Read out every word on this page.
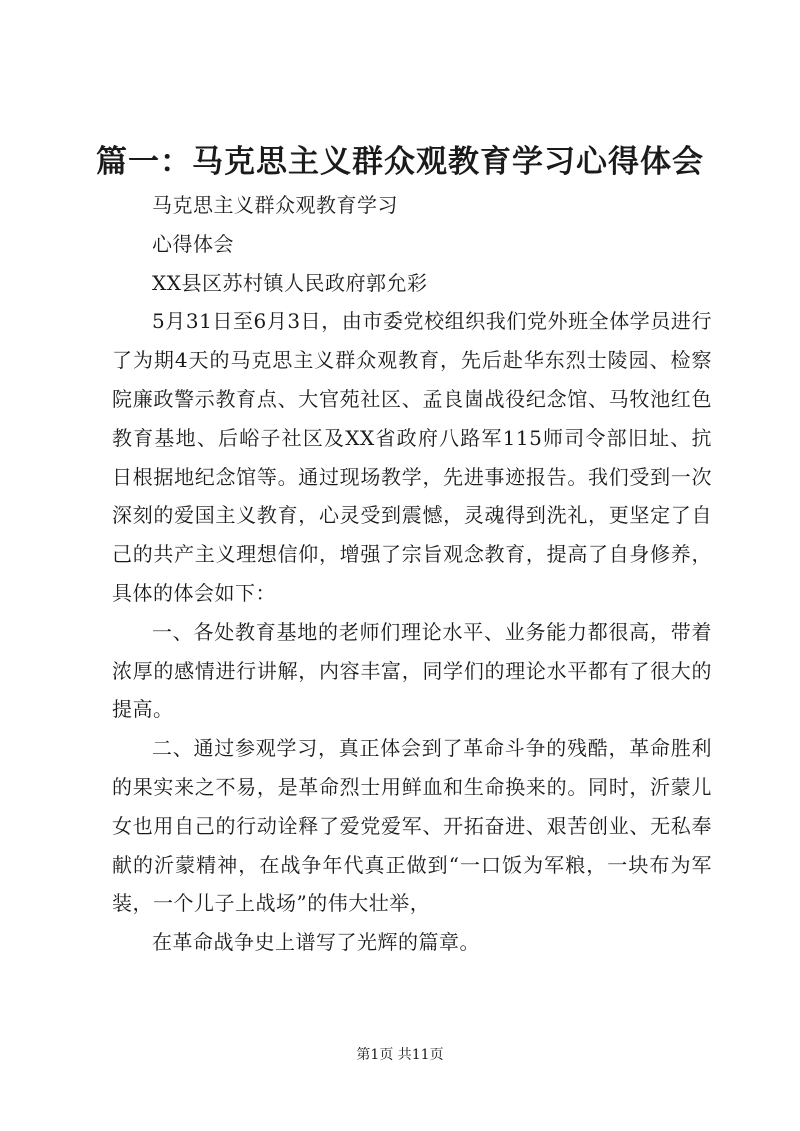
篇一：马克思主义群众观教育学习心得体会

马克思主义群众观教育学习

心得体会

XX县区苏村镇人民政府郭允彩

5月31日至6月3日，由市委党校组织我们党外班全体学员进行了为期4天的马克思主义群众观教育，先后赴华东烈士陵园、检察院廉政警示教育点、大官苑社区、孟良崮战役纪念馆、马牧池红色教育基地、后峪子社区及XX省政府八路军115师司令部旧址、抗日根据地纪念馆等。通过现场教学，先进事迹报告。我们受到一次深刻的爱国主义教育，心灵受到震憾，灵魂得到洗礼，更坚定了自己的共产主义理想信仰，增强了宗旨观念教育，提高了自身修养，具体的体会如下：

一、各处教育基地的老师们理论水平、业务能力都很高，带着浓厚的感情进行讲解，内容丰富，同学们的理论水平都有了很大的提高。

二、通过参观学习，真正体会到了革命斗争的残酷，革命胜利的果实来之不易，是革命烈士用鲜血和生命换来的。同时，沂蒙儿女也用自己的行动诠释了爱党爱军、开拓奋进、艰苦创业、无私奉献的沂蒙精神，在战争年代真正做到“一口饭为军粮，一块布为军装，一个儿子上战场”的伟大壮举，

在革命战争史上谱写了光辉的篇章。

第1页 共11页
